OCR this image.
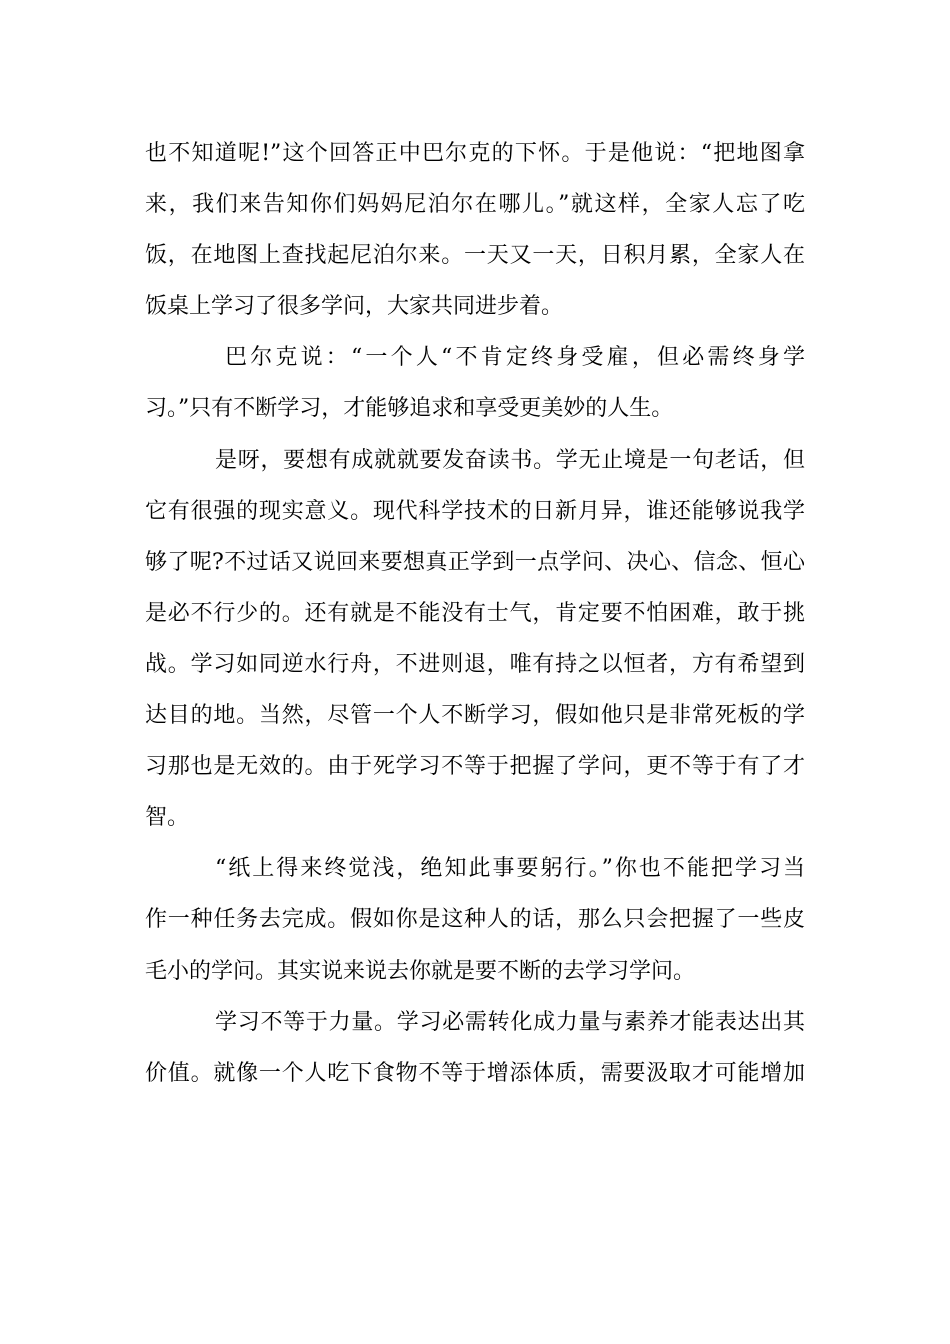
也不知道呢!”这个回答正中巴尔克的下怀。于是他说：“把地图拿

来，我们来告知你们妈妈尼泊尔在哪儿。”就这样，全家人忘了吃

饭，在地图上查找起尼泊尔来。一天又一天，日积月累，全家人在

饭桌上学习了很多学问，大家共同进步着。

巴尔克说：“一个人“不肯定终身受雇，但必需终身学

习。”只有不断学习，才能够追求和享受更美妙的人生。

是呀，要想有成就就要发奋读书。学无止境是一句老话，但

它有很强的现实意义。现代科学技术的日新月异，谁还能够说我学

够了呢?不过话又说回来要想真正学到一点学问、决心、信念、恒心

是必不行少的。还有就是不能没有士气，肯定要不怕困难，敢于挑

战。学习如同逆水行舟，不进则退，唯有持之以恒者，方有希望到

达目的地。当然，尽管一个人不断学习，假如他只是非常死板的学

习那也是无效的。由于死学习不等于把握了学问，更不等于有了才

智。

“纸上得来终觉浅，绝知此事要躬行。”你也不能把学习当

作一种任务去完成。假如你是这种人的话，那么只会把握了一些皮

毛小的学问。其实说来说去你就是要不断的去学习学问。

学习不等于力量。学习必需转化成力量与素养才能表达出其

价值。就像一个人吃下食物不等于增添体质，需要汲取才可能增加
